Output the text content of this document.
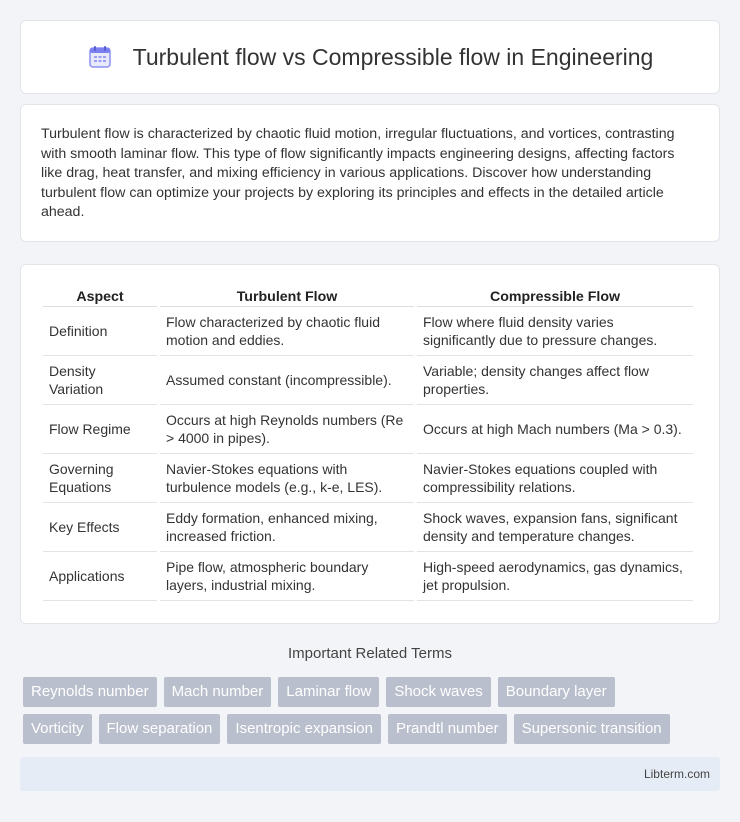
Turbulent flow vs Compressible flow in Engineering

Turbulent flow is characterized by chaotic fluid motion, irregular fluctuations, and vortices, contrasting with smooth laminar flow. This type of flow significantly impacts engineering designs, affecting factors like drag, heat transfer, and mixing efficiency in various applications. Discover how understanding turbulent flow can optimize your projects by exploring its principles and effects in the detailed article ahead.

Aspect	Turbulent Flow	Compressible Flow
Definition	Flow characterized by chaotic fluid motion and eddies.	Flow where fluid density varies significantly due to pressure changes.
Density Variation	Assumed constant (incompressible).	Variable; density changes affect flow properties.
Flow Regime	Occurs at high Reynolds numbers (Re > 4000 in pipes).	Occurs at high Mach numbers (Ma > 0.3).
Governing Equations	Navier-Stokes equations with turbulence models (e.g., k-e, LES).	Navier-Stokes equations coupled with compressibility relations.
Key Effects	Eddy formation, enhanced mixing, increased friction.	Shock waves, expansion fans, significant density and temperature changes.
Applications	Pipe flow, atmospheric boundary layers, industrial mixing.	High-speed aerodynamics, gas dynamics, jet propulsion.
Important Related Terms
Reynolds number	Mach number	Laminar flow	Shock waves	Boundary layer
Vorticity	Flow separation	Isentropic expansion	Prandtl number	Supersonic transition
Libterm.com
